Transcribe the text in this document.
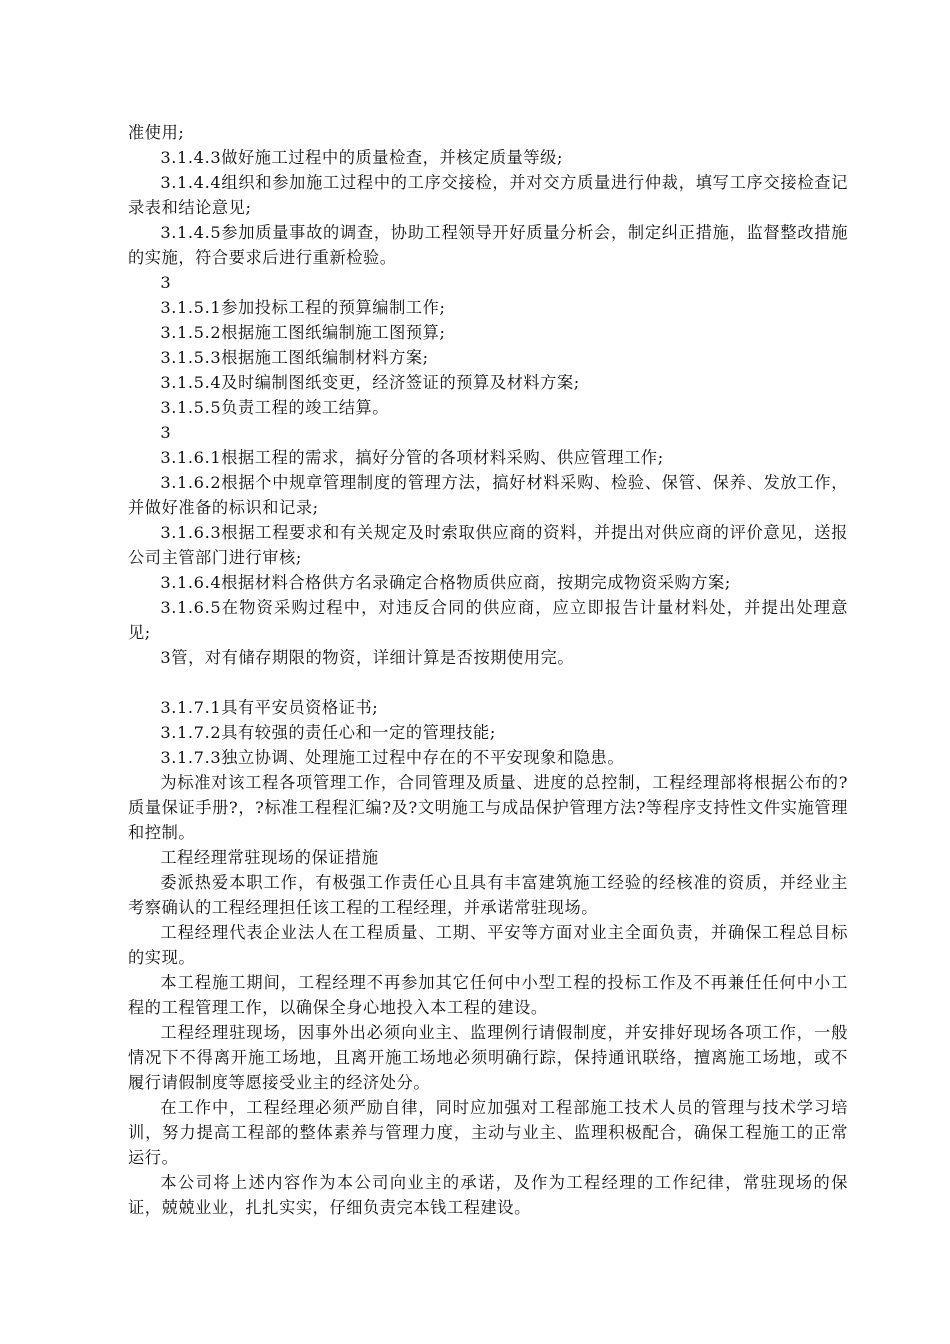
准使用;

3.1.4.3做好施工过程中的质量检查，并核定质量等级;

3.1.4.4组织和参加施工过程中的工序交接检，并对交方质量进行仲裁，填写工序交接检查记录表和结论意见;

3.1.4.5参加质量事故的调查，协助工程领导开好质量分析会，制定纠正措施，监督整改措施的实施，符合要求后进行重新检验。

3

3.1.5.1参加投标工程的预算编制工作;

3.1.5.2根据施工图纸编制施工图预算;

3.1.5.3根据施工图纸编制材料方案;

3.1.5.4及时编制图纸变更，经济签证的预算及材料方案;

3.1.5.5负责工程的竣工结算。

3

3.1.6.1根据工程的需求，搞好分管的各项材料采购、供应管理工作;

3.1.6.2根据个中规章管理制度的管理方法，搞好材料采购、检验、保管、保养、发放工作，并做好准备的标识和记录;

3.1.6.3根据工程要求和有关规定及时索取供应商的资料，并提出对供应商的评价意见，送报公司主管部门进行审核;

3.1.6.4根据材料合格供方名录确定合格物质供应商，按期完成物资采购方案;

3.1.6.5在物资采购过程中，对违反合同的供应商，应立即报告计量材料处，并提出处理意见;

3管，对有储存期限的物资，详细计算是否按期使用完。

3.1.7.1具有平安员资格证书;

3.1.7.2具有较强的责任心和一定的管理技能;

3.1.7.3独立协调、处理施工过程中存在的不平安现象和隐患。

为标准对该工程各项管理工作，合同管理及质量、进度的总控制，工程经理部将根据公布的?质量保证手册?，?标准工程程汇编?及?文明施工与成品保护管理方法?等程序支持性文件实施管理和控制。

工程经理常驻现场的保证措施

委派热爱本职工作，有极强工作责任心且具有丰富建筑施工经验的经核准的资质，并经业主考察确认的工程经理担任该工程的工程经理，并承诺常驻现场。

工程经理代表企业法人在工程质量、工期、平安等方面对业主全面负责，并确保工程总目标的实现。

本工程施工期间，工程经理不再参加其它任何中小型工程的投标工作及不再兼任任何中小工程的工程管理工作，以确保全身心地投入本工程的建设。

工程经理驻现场，因事外出必须向业主、监理例行请假制度，并安排好现场各项工作，一般情况下不得离开施工场地，且离开施工场地必须明确行踪，保持通讯联络，擅离施工场地，或不履行请假制度等愿接受业主的经济处分。

在工作中，工程经理必须严励自律，同时应加强对工程部施工技术人员的管理与技术学习培训，努力提高工程部的整体素养与管理力度，主动与业主、监理积极配合，确保工程施工的正常运行。

本公司将上述内容作为本公司向业主的承诺，及作为工程经理的工作纪律，常驻现场的保证，兢兢业业，扎扎实实，仔细负责完本钱工程建设。
